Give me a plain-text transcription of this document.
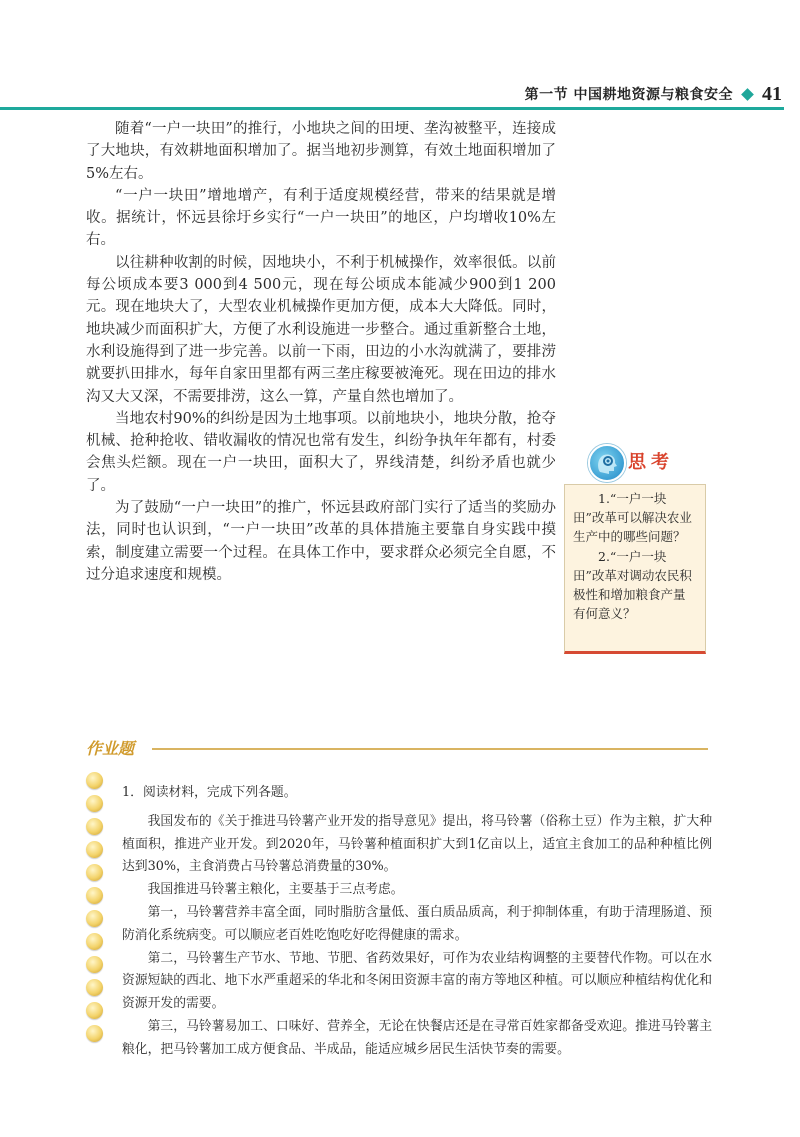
第一节 中国耕地资源与粮食安全 41

随着“一户一块田”的推行，小地块之间的田埂、垄沟被整平，连接成了大地块，有效耕地面积增加了。据当地初步测算，有效土地面积增加了5%左右。

“一户一块田”增地增产，有利于适度规模经营，带来的结果就是增收。据统计，怀远县徐圩乡实行“一户一块田”的地区，户均增收10%左右。

以往耕种收割的时候，因地块小，不利于机械操作，效率很低。以前每公顷成本要3 000到4 500元，现在每公顷成本能减少900到1 200元。现在地块大了，大型农业机械操作更加方便，成本大大降低。同时，地块减少而面积扩大，方便了水利设施进一步整合。通过重新整合土地，水利设施得到了进一步完善。以前一下雨，田边的小水沟就满了，要排涝就要扒田排水，每年自家田里都有两三垄庄稼要被淹死。现在田边的排水沟又大又深，不需要排涝，这么一算，产量自然也增加了。

当地农村90%的纠纷是因为土地事项。以前地块小，地块分散，抢夺机械、抢种抢收、错收漏收的情况也常有发生，纠纷争执年年都有，村委会焦头烂额。现在一户一块田，面积大了，界线清楚，纠纷矛盾也就少了。

为了鼓励“一户一块田”的推广，怀远县政府部门实行了适当的奖励办法，同时也认识到，“一户一块田”改革的具体措施主要靠自身实践中摸索，制度建立需要一个过程。在具体工作中，要求群众必须完全自愿，不过分追求速度和规模。

思考

1.“一户一块田”改革可以解决农业生产中的哪些问题？

2.“一户一块田”改革对调动农民积极性和增加粮食产量有何意义？

作业题

1．阅读材料，完成下列各题。

我国发布的《关于推进马铃薯产业开发的指导意见》提出，将马铃薯（俗称土豆）作为主粮，扩大种植面积，推进产业开发。到2020年，马铃薯种植面积扩大到1亿亩以上，适宜主食加工的品种种植比例达到30%，主食消费占马铃薯总消费量的30%。

我国推进马铃薯主粮化，主要基于三点考虑。

第一，马铃薯营养丰富全面，同时脂肪含量低、蛋白质品质高，利于抑制体重，有助于清理肠道、预防消化系统病变。可以顺应老百姓吃饱吃好吃得健康的需求。

第二，马铃薯生产节水、节地、节肥、省药效果好，可作为农业结构调整的主要替代作物。可以在水资源短缺的西北、地下水严重超采的华北和冬闲田资源丰富的南方等地区种植。可以顺应种植结构优化和资源开发的需要。

第三，马铃薯易加工、口味好、营养全，无论在快餐店还是在寻常百姓家都备受欢迎。推进马铃薯主粮化，把马铃薯加工成方便食品、半成品，能适应城乡居民生活快节奏的需要。
